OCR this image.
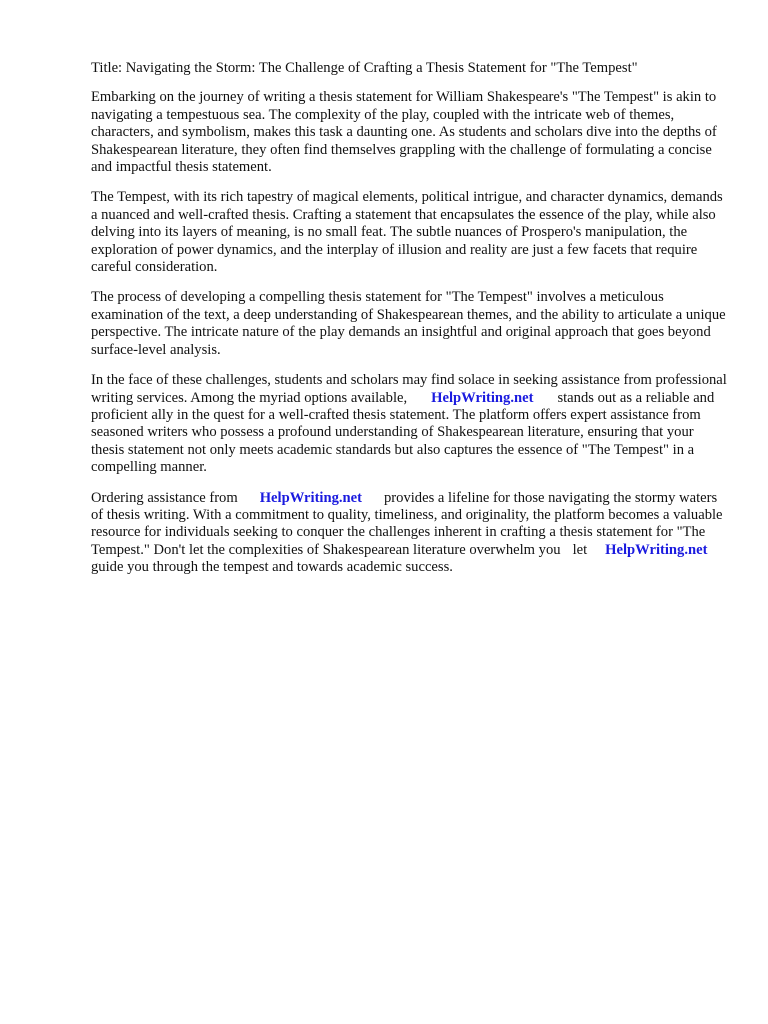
Title: Navigating the Storm: The Challenge of Crafting a Thesis Statement for "The Tempest"

Embarking on the journey of writing a thesis statement for William Shakespeare's "The Tempest" is akin to navigating a tempestuous sea. The complexity of the play, coupled with the intricate web of themes, characters, and symbolism, makes this task a daunting one. As students and scholars dive into the depths of Shakespearean literature, they often find themselves grappling with the challenge of formulating a concise and impactful thesis statement.

The Tempest, with its rich tapestry of magical elements, political intrigue, and character dynamics, demands a nuanced and well-crafted thesis. Crafting a statement that encapsulates the essence of the play, while also delving into its layers of meaning, is no small feat. The subtle nuances of Prospero's manipulation, the exploration of power dynamics, and the interplay of illusion and reality are just a few facets that require careful consideration.

The process of developing a compelling thesis statement for "The Tempest" involves a meticulous examination of the text, a deep understanding of Shakespearean themes, and the ability to articulate a unique perspective. The intricate nature of the play demands an insightful and original approach that goes beyond surface-level analysis.

In the face of these challenges, students and scholars may find solace in seeking assistance from professional writing services. Among the myriad options available, HelpWriting.net stands out as a reliable and proficient ally in the quest for a well-crafted thesis statement. The platform offers expert assistance from seasoned writers who possess a profound understanding of Shakespearean literature, ensuring that your thesis statement not only meets academic standards but also captures the essence of "The Tempest" in a compelling manner.

Ordering assistance from HelpWriting.net provides a lifeline for those navigating the stormy waters of thesis writing. With a commitment to quality, timeliness, and originality, the platform becomes a valuable resource for individuals seeking to conquer the challenges inherent in crafting a thesis statement for "The Tempest." Don't let the complexities of Shakespearean literature overwhelm you let HelpWriting.netguide you through the tempest and towards academic success.
